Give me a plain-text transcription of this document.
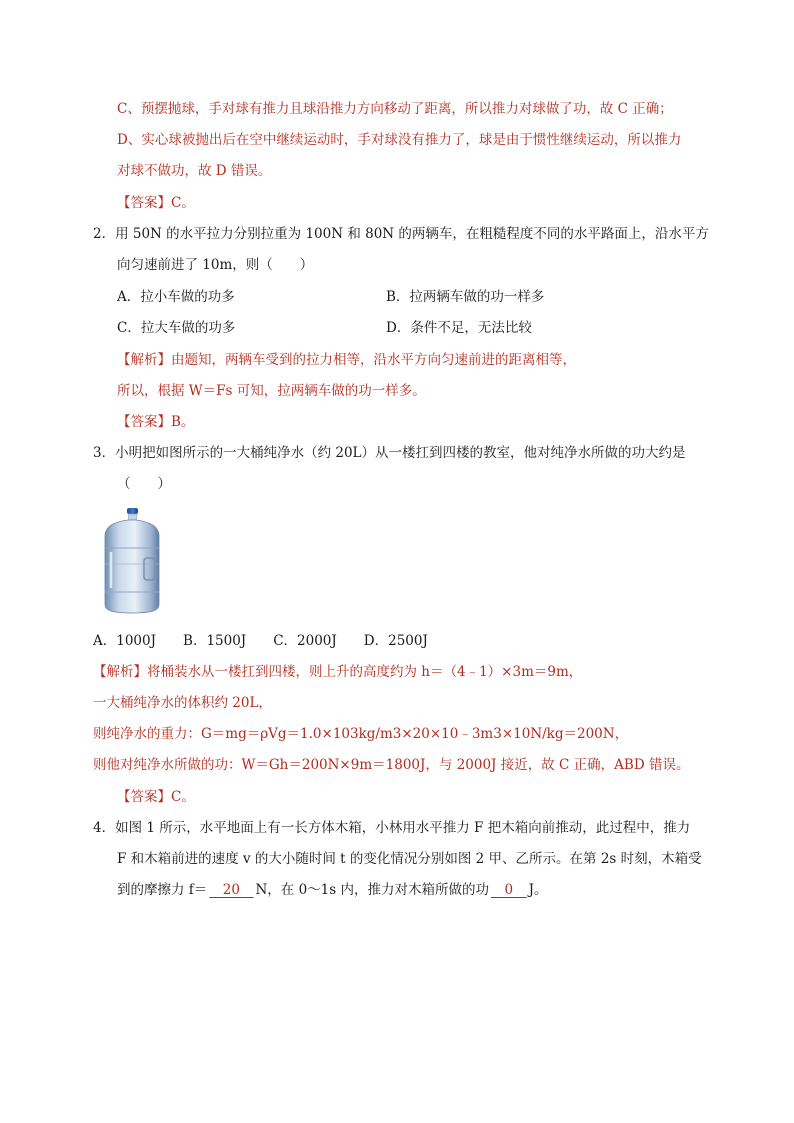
C、预摆抛球，手对球有推力且球沿推力方向移动了距离，所以推力对球做了功，故 C 正确；
D、实心球被抛出后在空中继续运动时，手对球没有推力了，球是由于惯性继续运动，所以推力
对球不做功，故 D 错误。
【答案】C。
2．用 50N 的水平拉力分别拉重为 100N 和 80N 的两辆车，在粗糙程度不同的水平路面上，沿水平方
向匀速前进了 10m，则（　　）
A．拉小车做的功多	B．拉两辆车做的功一样多
C．拉大车做的功多	D．条件不足，无法比较
【解析】由题知，两辆车受到的拉力相等，沿水平方向匀速前进的距离相等，
所以，根据 W＝Fs 可知，拉两辆车做的功一样多。
【答案】B。
3．小明把如图所示的一大桶纯净水（约 20L）从一楼扛到四楼的教室，他对纯净水所做的功大约是
（　　）
A．1000J　　B．1500J　　C．2000J　　D．2500J
【解析】将桶装水从一楼扛到四楼，则上升的高度约为 h＝（4﹣1）×3m＝9m，
一大桶纯净水的体积约 20L，
则纯净水的重力：G＝mg＝ρVg＝1.0×103kg/m3×20×10﹣3m3×10N/kg＝200N，
则他对纯净水所做的功：W＝Gh＝200N×9m＝1800J，与 2000J 接近，故 C 正确，ABD 错误。
【答案】C。
4．如图 1 所示，水平地面上有一长方体木箱，小林用水平推力 F 把木箱向前推动，此过程中，推力
F 和木箱前进的速度 v 的大小随时间 t 的变化情况分别如图 2 甲、乙所示。在第 2s 时刻，木箱受
到的摩擦力 f＝　20　N，在 0～1s 内，推力对木箱所做的功　0　J。
